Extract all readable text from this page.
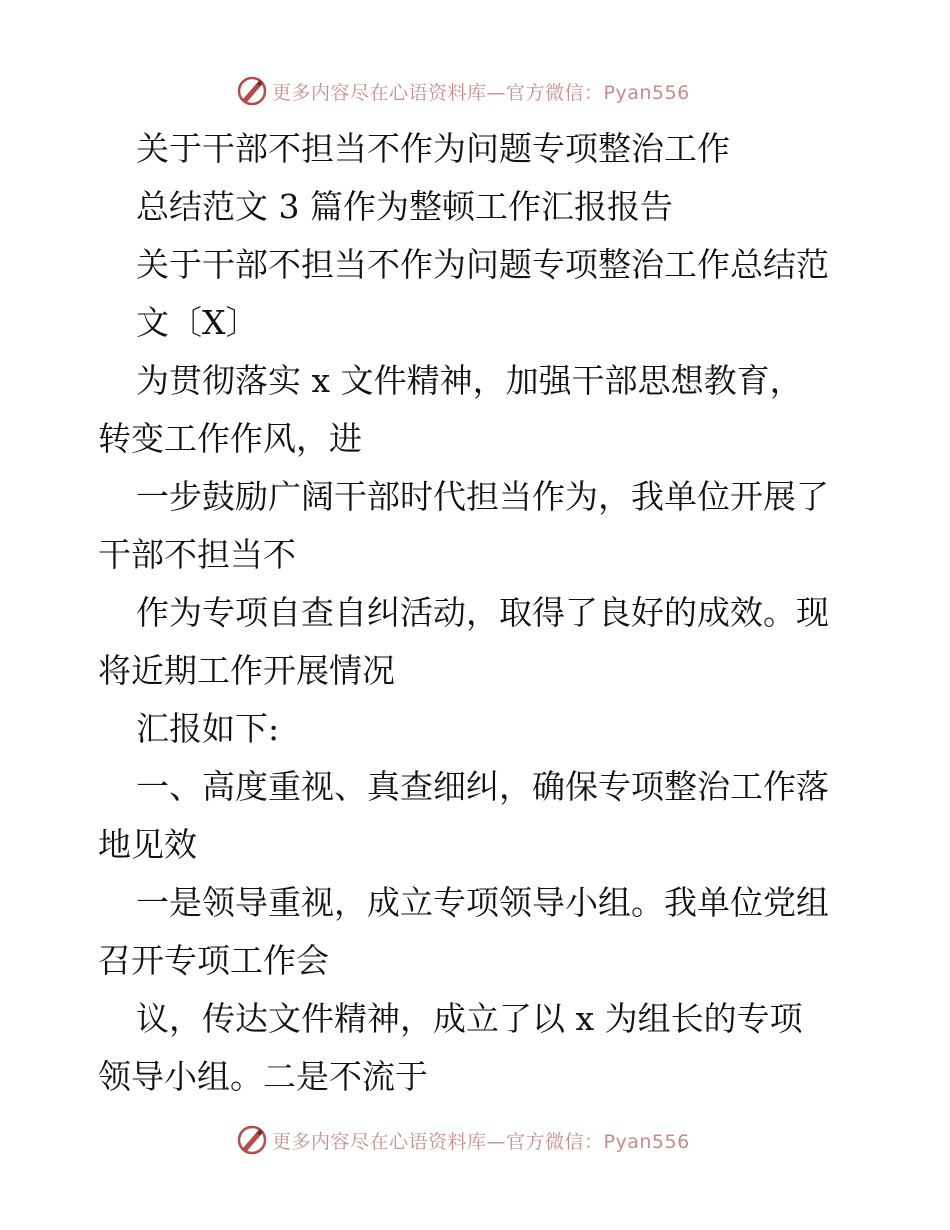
更多内容尽在心语资料库—官方微信：Pyan556
关于干部不担当不作为问题专项整治工作
总结范文 3 篇作为整顿工作汇报报告
关于干部不担当不作为问题专项整治工作总结范
文〔X〕
为贯彻落实 x 文件精神，加强干部思想教育，
转变工作作风，进
一步鼓励广阔干部时代担当作为，我单位开展了
干部不担当不
作为专项自查自纠活动，取得了良好的成效。现
将近期工作开展情况
汇报如下:
一、高度重视、真查细纠，确保专项整治工作落
地见效
一是领导重视，成立专项领导小组。我单位党组
召开专项工作会
议，传达文件精神，成立了以 x 为组长的专项
领导小组。二是不流于
更多内容尽在心语资料库—官方微信：Pyan556
